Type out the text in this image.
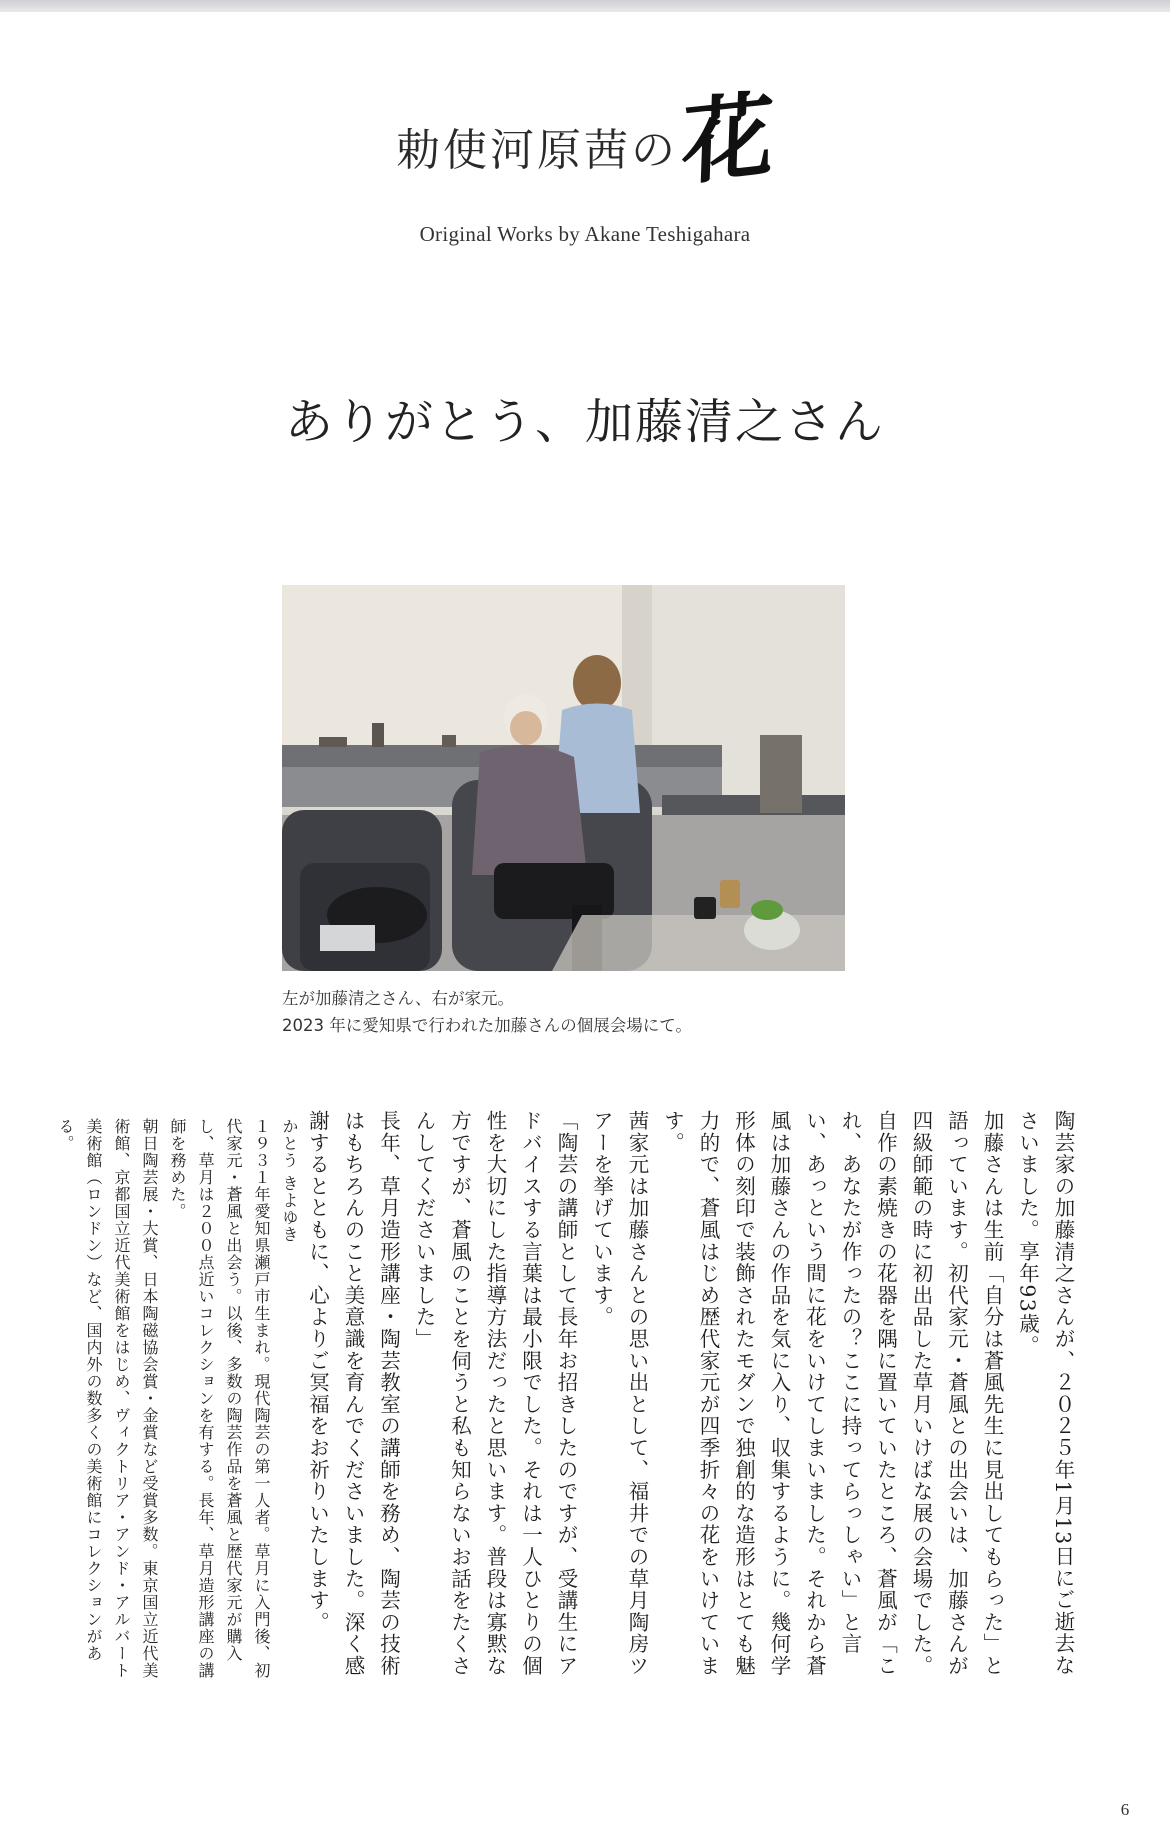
勅使河原茜の花
Original Works by Akane Teshigahara
ありがとう、加藤清之さん
左が加藤清之さん、右が家元。
2023 年に愛知県で行われた加藤さんの個展会場にて。

陶芸家の加藤清之さんが、２０２５年1月13日にご逝去なさいました。享年93歳。

加藤さんは生前「自分は蒼風先生に見出してもらった」と語っています。初代家元・蒼風との出会いは、加藤さんが四級師範の時に初出品した草月いけばな展の会場でした。自作の素焼きの花器を隅に置いていたところ、蒼風が「これ、あなたが作ったの？ここに持ってらっしゃい」と言い、あっという間に花をいけてしまいました。それから蒼風は加藤さんの作品を気に入り、収集するように。幾何学形体の刻印で装飾されたモダンで独創的な造形はとても魅力的で、蒼風はじめ歴代家元が四季折々の花をいけています。

茜家元は加藤さんとの思い出として、福井での草月陶房ツアーを挙げています。

「陶芸の講師として長年お招きしたのですが、受講生にアドバイスする言葉は最小限でした。それは一人ひとりの個性を大切にした指導方法だったと思います。普段は寡黙な方ですが、蒼風のことを伺うと私も知らないお話をたくさんしてくださいました」

長年、草月造形講座・陶芸教室の講師を務め、陶芸の技術はもちろんのこと美意識を育んでくださいました。深く感謝するとともに、心よりご冥福をお祈りいたします。

かとう きよゆき

１９３１年愛知県瀬戸市生まれ。現代陶芸の第一人者。草月に入門後、初代家元・蒼風と出会う。以後、多数の陶芸作品を蒼風と歴代家元が購入し、草月は２００点近いコレクションを有する。長年、草月造形講座の講師を務めた。

朝日陶芸展・大賞、日本陶磁協会賞・金賞など受賞多数。東京国立近代美術館、京都国立近代美術館をはじめ、ヴィクトリア・アンド・アルバート美術館（ロンドン）など、国内外の数多くの美術館にコレクションがある。

6
